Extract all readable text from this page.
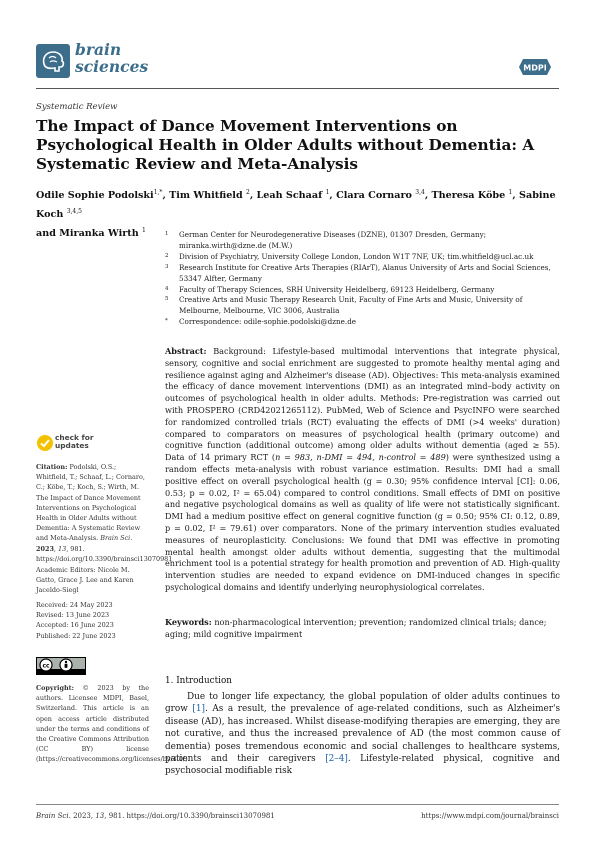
brain
sciences	MDPI
Systematic Review
The Impact of Dance Movement Interventions on Psychological Health in Older Adults without Dementia: A Systematic Review and Meta-Analysis
Odile Sophie Podolski$^{1,*}$, Tim Whitfield $^2$, Leah Schaaf $^1$, Clara Cornaro $^{3,4}$, Theresa Köbe $^1$, Sabine Koch $^{3,4,5}$
and Miranka Wirth $^1$	1	German Center for Neurodegenerative Diseases (DZNE), 01307 Dresden, Germany; miranka.wirth@dzne.de (M.W.)
2	Division of Psychiatry, University College London, London W1T 7NF, UK; tim.whitfield@ucl.ac.uk
3	Research Institute for Creative Arts Therapies (RIArT), Alanus University of Arts and Social Sciences, 53347 Alfter, Germany
4	Faculty of Therapy Sciences, SRH University Heidelberg, 69123 Heidelberg, Germany
5	Creative Arts and Music Therapy Research Unit, Faculty of Fine Arts and Music, University of Melbourne, Melbourne, VIC 3006, Australia
*	Correspondence: odile-sophie.podolski@dzne.de
Abstract: Background: Lifestyle-based multimodal interventions that integrate physical, sensory, cognitive and social enrichment are suggested to promote healthy mental aging and resilience against aging and Alzheimer's disease (AD). Objectives: This meta-analysis examined the efficacy of dance movement interventions (DMI) as an integrated mind–body activity on outcomes of psychological health in older adults. Methods: Pre-registration was carried out with PROSPERO (CRD42021265112). PubMed, Web of Science and PsycINFO were searched for randomized controlled trials (RCT) evaluating the effects of DMI (>4 weeks' duration) compared to comparators on measures of psychological health (primary outcome) and cognitive function (additional outcome) among older adults without dementia (aged ≥ 55). Data of 14 primary RCT (n = 983, n-DMI = 494, n-control = 489) were synthesized using a random effects meta-analysis with robust variance estimation. Results: DMI had a small positive effect on overall psychological health (g = 0.30; 95% confidence interval [CI]: 0.06, 0.53; p = 0.02, I² = 65.04) compared to control conditions. Small effects of DMI on positive and negative psychological domains as well as quality of life were not statistically significant. DMI had a medium positive effect on general cognitive function (g = 0.50; 95% CI: 0.12, 0.89, p = 0.02, I² = 79.61) over comparators. None of the primary intervention studies evaluated measures of neuroplasticity. Conclusions: We found that DMI was effective in promoting mental health amongst older adults without dementia, suggesting that the multimodal enrichment tool is a potential strategy for health promotion and prevention of AD. High-quality intervention studies are needed to expand evidence on DMI-induced changes in specific psychological domains and identify underlying neurophysiological correlates.
Keywords: non-pharmacological intervention; prevention; randomized clinical trials; dance; aging; mild cognitive impairment
check for
updates
Citation: Podolski, O.S.; Whitfield, T.; Schaaf, L.; Cornaro, C.; Köbe, T.; Koch, S.; Wirth, M. The Impact of Dance Movement Interventions on Psychological Health in Older Adults without Dementia: A Systematic Review and Meta-Analysis. Brain Sci. 2023, 13, 981. https://doi.org/10.3390/brainsci13070981
Academic Editors: Nicole M. Gatto, Grace J. Lee and Karen Jaceldo-Siegl
Received: 24 May 2023
Revised: 13 June 2023
Accepted: 16 June 2023
Published: 22 June 2023
cc
Copyright: © 2023 by the authors. Licensee MDPI, Basel, Switzerland. This article is an open access article distributed under the terms and conditions of the Creative Commons Attribution (CC BY) license (https://creativecommons.org/licenses/by/4.0/).
1. Introduction
Due to longer life expectancy, the global population of older adults continues to grow [1]. As a result, the prevalence of age-related conditions, such as Alzheimer's disease (AD), has increased. Whilst disease-modifying therapies are emerging, they are not curative, and thus the increased prevalence of AD (the most common cause of dementia) poses tremendous economic and social challenges to healthcare systems, patients and their caregivers [2–4]. Lifestyle-related physical, cognitive and psychosocial modifiable risk
Brain Sci. 2023, 13, 981. https://doi.org/10.3390/brainsci13070981	https://www.mdpi.com/journal/brainsci
